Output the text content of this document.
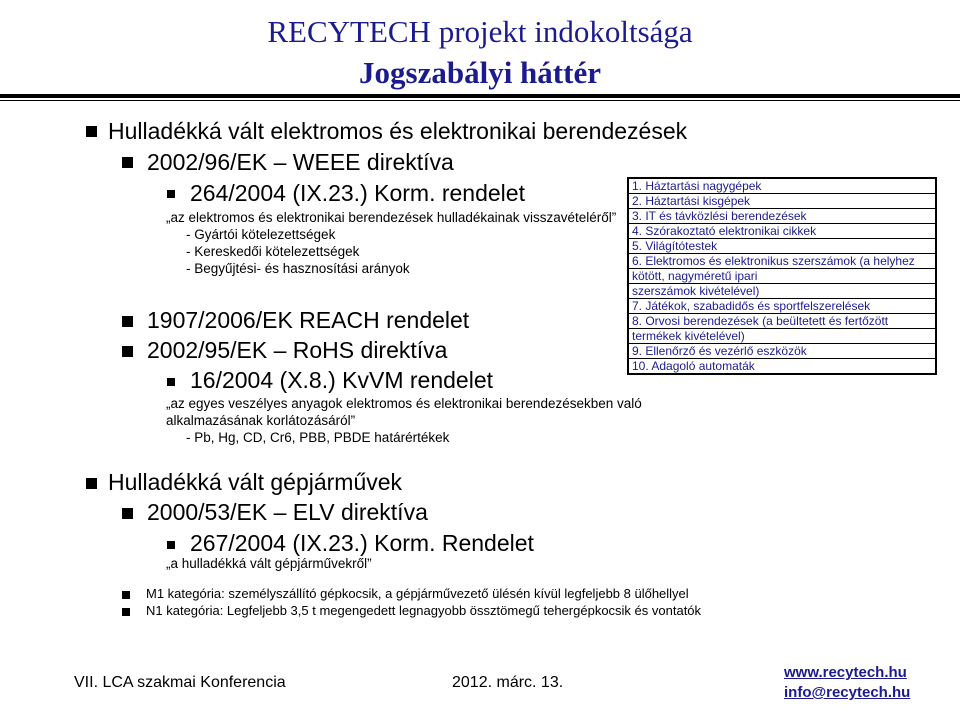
RECYTECH projekt indokoltsága
Jogszabályi háttér
Hulladékká vált elektromos és elektronikai berendezések
2002/96/EK – WEEE direktíva
264/2004 (IX.23.) Korm. rendelet
„az elektromos és elektronikai berendezések hulladékainak visszavételéről”
- Gyártói kötelezettségek
- Kereskedői kötelezettségek
- Begyűjtési- és hasznosítási arányok
1907/2006/EK REACH rendelet
2002/95/EK – RoHS direktíva
16/2004 (X.8.) KvVM rendelet
„az egyes veszélyes anyagok elektromos és elektronikai berendezésekben való
alkalmazásának korlátozásáról”
- Pb, Hg, CD, Cr6, PBB, PBDE határértékek
1. Háztartási nagygépek
2. Háztartási kisgépek
3. IT és távközlési berendezések
4. Szórakoztató elektronikai cikkek
5. Világítótestek
6. Elektromos és elektronikus szerszámok (a helyhez
kötött, nagyméretű ipari
szerszámok kivételével)
7. Játékok, szabadidős és sportfelszerelések
8. Orvosi berendezések (a beültetett és fertőzött
termékek kivételével)
9. Ellenőrző és vezérlő eszközök
10. Adagoló automaták
Hulladékká vált gépjárművek
2000/53/EK – ELV direktíva
267/2004 (IX.23.) Korm. Rendelet
„a hulladékká vált gépjárművekről”
M1 kategória: személyszállító gépkocsik, a gépjárművezető ülésén kívül legfeljebb 8 ülőhellyel
N1 kategória: Legfeljebb 3,5 t megengedett legnagyobb össztömegű tehergépkocsik és vontatók
VII. LCA szakmai Konferencia	2012. márc. 13.
www.recytech.hu
info@recytech.hu
